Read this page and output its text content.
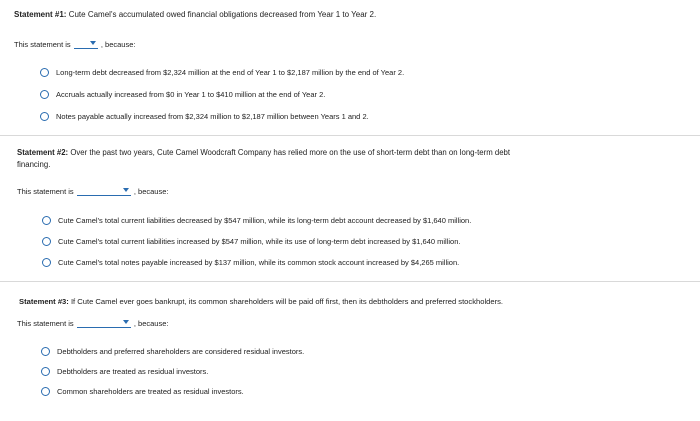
Statement #1: Cute Camel's accumulated owed financial obligations decreased from Year 1 to Year 2.
This statement is	, because:
Long-term debt decreased from $2,324 million at the end of Year 1 to $2,187 million by the end of Year 2.
Accruals actually increased from $0 in Year 1 to $410 million at the end of Year 2.
Notes payable actually increased from $2,324 million to $2,187 million between Years 1 and 2.
Statement #2: Over the past two years, Cute Camel Woodcraft Company has relied more on the use of short-term debt than on long-term debt
financing.
This statement is	, because:
Cute Camel's total current liabilities decreased by $547 million, while its long-term debt account decreased by $1,640 million.
Cute Camel's total current liabilities increased by $547 million, while its use of long-term debt increased by $1,640 million.
Cute Camel's total notes payable increased by $137 million, while its common stock account increased by $4,265 million.
Statement #3: If Cute Camel ever goes bankrupt, its common shareholders will be paid off first, then its debtholders and preferred stockholders.
This statement is	, because:
Debtholders and preferred shareholders are considered residual investors.
Debtholders are treated as residual investors.
Common shareholders are treated as residual investors.
